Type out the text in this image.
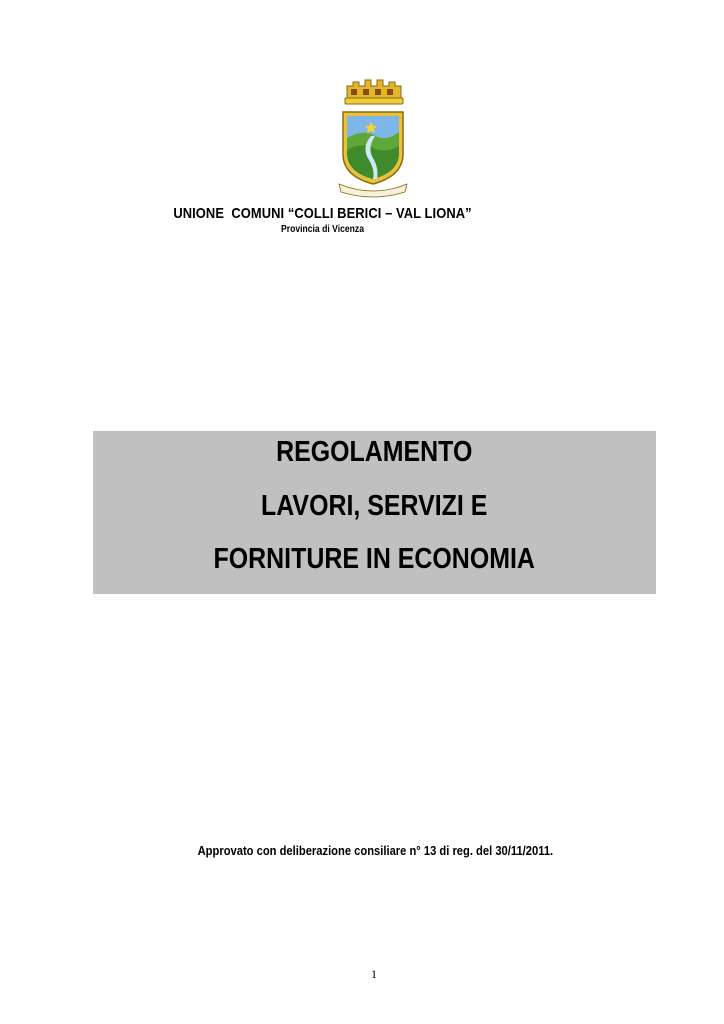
UNIONE  COMUNI “COLLI BERICI – VAL LIONA”
Provincia di Vicenza
REGOLAMENTO
LAVORI, SERVIZI E
FORNITURE IN ECONOMIA
Approvato con deliberazione consiliare n° 13 di reg. del 30/11/2011.
1
